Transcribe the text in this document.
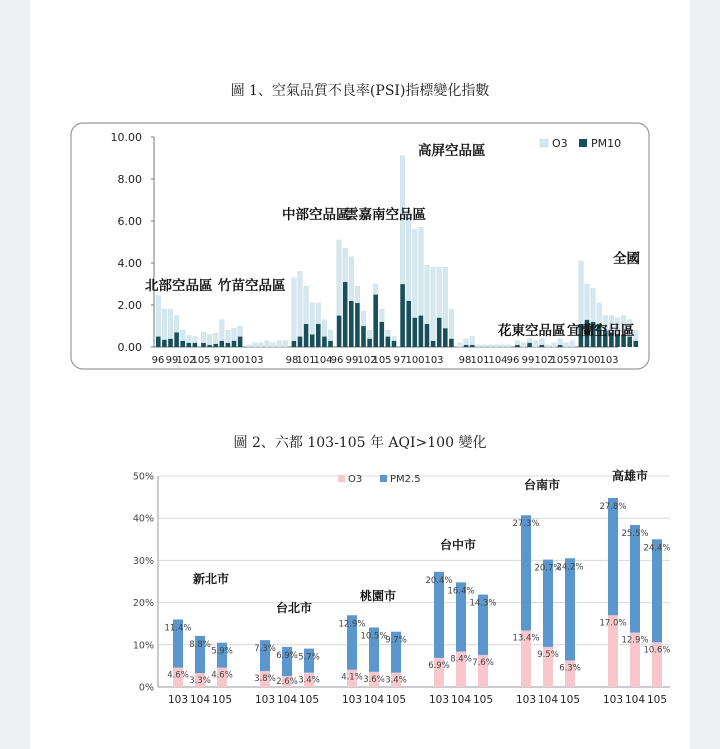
圖 1、空氣品質不良率(PSI)指標變化指數
0.00
2.00
4.00
6.00
8.00
10.00
96 99
102
105 97 100 103 98
101
104
96 99 102
105 97 100 103 98 101
104 96 99 102
105 97 100
103
北部空品區 竹苗空品區
中部空品區
雲嘉南空品區
高屏空品區
花東空品區 宜蘭空品區
全國
O3 PM10
圖 2、六都 103-105 年 AQI>100 變化
0%
10%
20%
30%
40%
50%	O3	PM2.5
4.6%
11.4%
103
3.3%
8.8%
104
4.6%
5.9%
105
新北市
3.8%
7.3%
103
2.6%
6.9%
104
3.4%
5.7%
105
台北市
4.1%
12.9%
103
3.6%
10.5%
104
3.4%
9.7%
105
桃園市
6.9%
20.4%
103
8.4%
16.4%
104
7.6%
14.3%
105
台中市
13.4%
27.3%
103
9.5%
20.7%
104
6.3%
24.2%
105
台南市
17.0%
27.8%
103
12.9%
25.5%
104
10.6%
24.4%
105
高雄市
